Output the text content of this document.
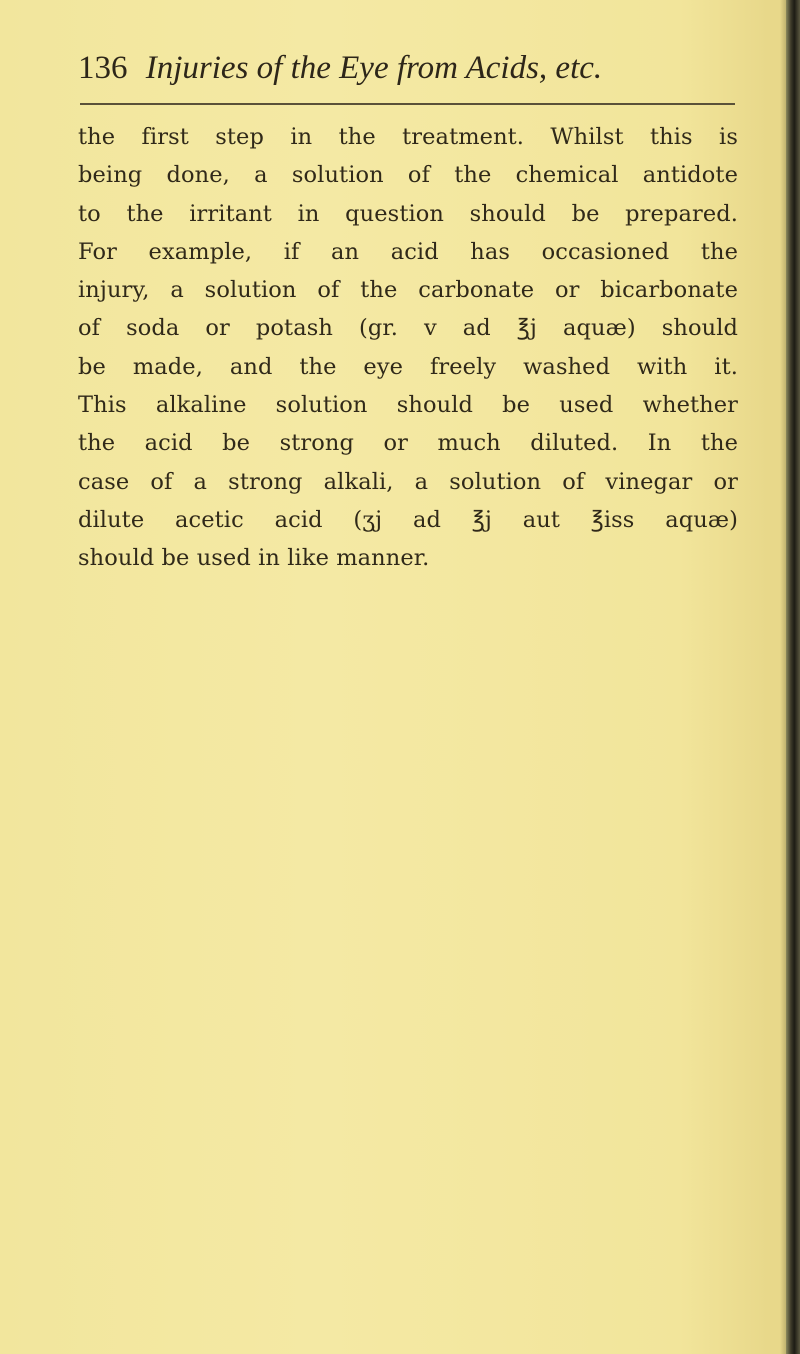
136 Injuries of the Eye from Acids, etc.
the first step in the treatment. Whilst this is
being done, a solution of the chemical antidote
to the irritant in question should be prepared.
For example, if an acid has occasioned the
injury, a solution of the carbonate or bicarbonate
of soda or potash (gr. v ad ℥j aquæ) should
be made, and the eye freely washed with it.
This alkaline solution should be used whether
the acid be strong or much diluted. In the
case of a strong alkali, a solution of vinegar or
dilute acetic acid (ʒj ad ℥j aut ℥iss aquæ)
should be used in like manner.
